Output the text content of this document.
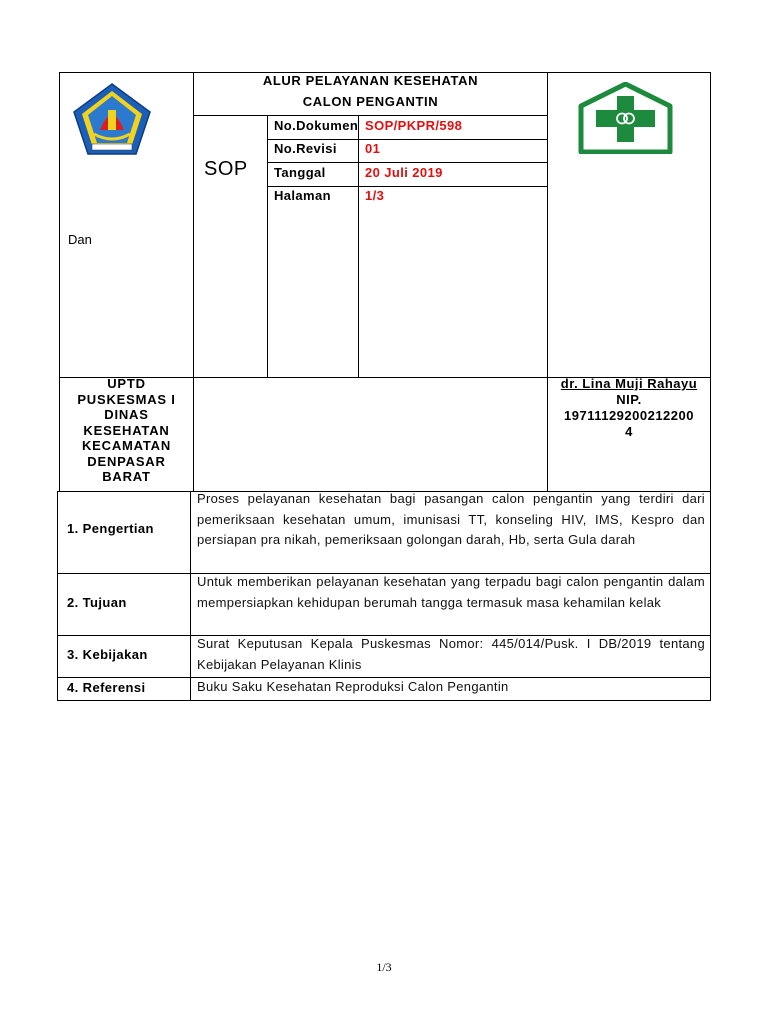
Dan
ALUR PELAYANAN KESEHATAN
CALON PENGANTIN
SOP
No.Dokumen SOP/PKPR/598
No.Revisi 01
Tanggal	20 Juli 2019
Halaman	1/3
UPTD
PUSKESMAS I
DINAS
KESEHATAN
KECAMATAN
DENPASAR
BARAT
dr. Lina Muji Rahayu
NIP.
19711129200212200
4
1. Pengertian
Proses pelayanan kesehatan bagi pasangan calon pengantin yang terdiri dari pemeriksaan kesehatan umum, imunisasi TT, konseling HIV, IMS, Kespro dan persiapan pra nikah, pemeriksaan golongan darah, Hb, serta Gula darah
2. Tujuan
Untuk memberikan pelayanan kesehatan yang terpadu bagi calon pengantin dalam mempersiapkan kehidupan berumah tangga termasuk masa kehamilan kelak
3. Kebijakan
Surat Keputusan Kepala Puskesmas Nomor: 445/014/Pusk. I DB/2019 tentang Kebijakan Pelayanan Klinis
4. Referensi	Buku Saku Kesehatan Reproduksi Calon Pengantin
1/3
